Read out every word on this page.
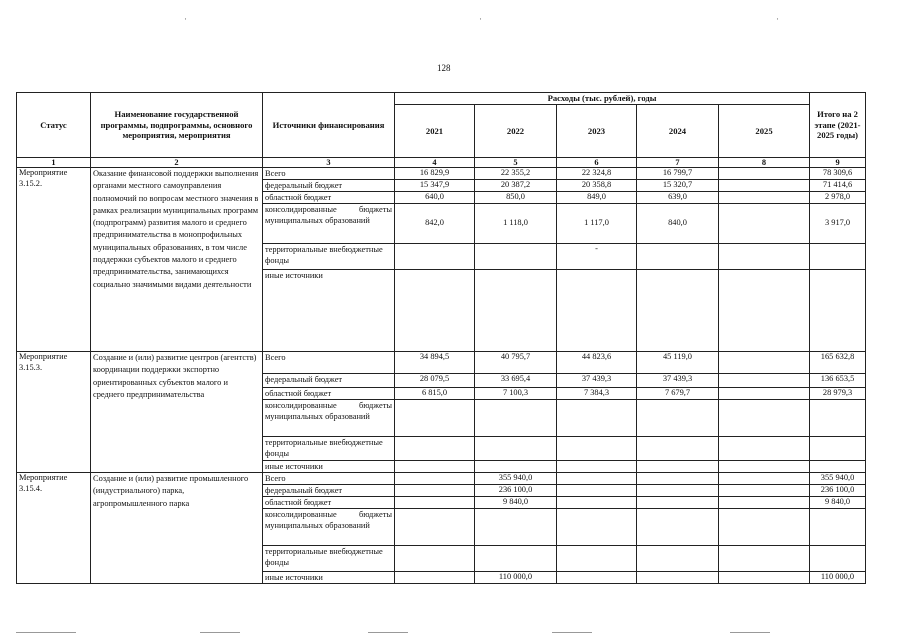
128
·	·	·
Статус	Наименование государственной программы, подпрограммы, основного мероприятия, мероприятия	Источники финансирования	Расходы (тыс. рублей), годы					Итого на 2 этапе (2021-2025 годы)
			2021	2022	2023	2024	2025	
1	2	3	4	5	6	7	8	9
Мероприятие 3.15.2.	Оказание финансовой поддержки выполнения органами местного самоуправления полномочий по вопросам местного значения в рамках реализации муниципальных программ (подпрограмм) развития малого и среднего предпринимательства в монопрофильных муниципальных образованиях, в том числе поддержки субъектов малого и среднего предпринимательства, занимающихся социально значимыми видами деятельности	Всего	16 829,9	22 355,2	22 324,8	16 799,7		78 309,6
		федеральный бюджет	15 347,9	20 387,2	20 358,8	15 320,7		71 414,6
		областной бюджет	640,0	850,0	849,0	639,0		2 978,0
		консолидированные бюджеты муниципальных образований	842,0	1 118,0	1 117,0	840,0		3 917,0
		территориальные внебюджетные фонды			-			
		иные источники						
Мероприятие 3.15.3.	Создание и (или) развитие центров (агентств) координации поддержки экспортно ориентированных субъектов малого и среднего предпринимательства	Всего	34 894,5	40 795,7	44 823,6	45 119,0		165 632,8
		федеральный бюджет	28 079,5	33 695,4	37 439,3	37 439,3		136 653,5
		областной бюджет	6 815,0	7 100,3	7 384,3	7 679,7		28 979,3
		консолидированные бюджеты муниципальных образований						
		территориальные внебюджетные фонды						
		иные источники						
Мероприятие 3.15.4.	Создание и (или) развитие промышленного (индустриального) парка, агропромышленного парка	Всего		355 940,0				355 940,0
		федеральный бюджет		236 100,0				236 100,0
		областной бюджет		9 840,0				9 840,0
		консолидированные бюджеты муниципальных образований						
		территориальные внебюджетные фонды						
		иные источники		110 000,0				110 000,0
